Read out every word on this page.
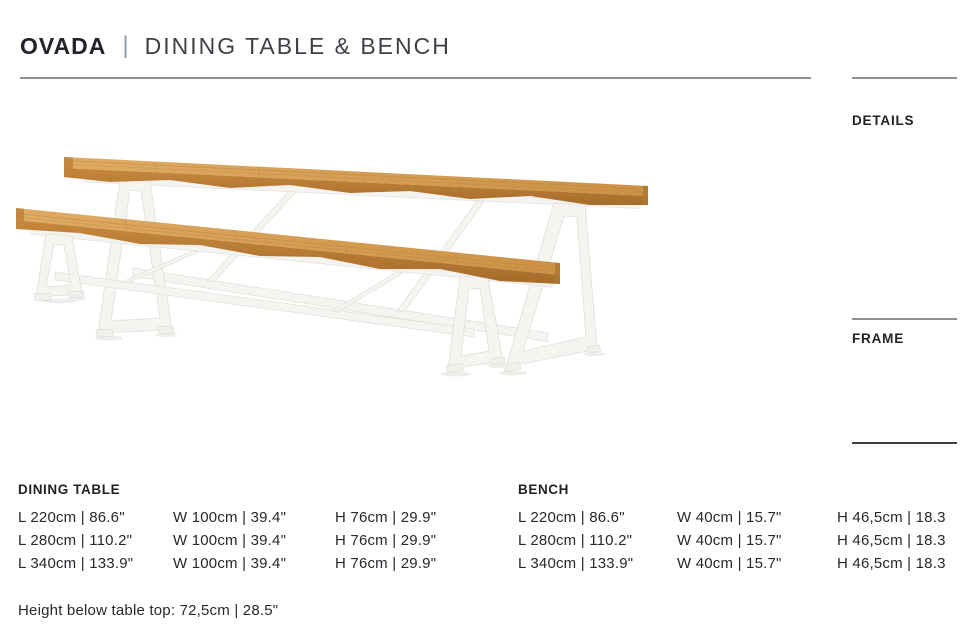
OVADA | DINING TABLE & BENCH
DETAILS
FRAME
DINING TABLE
L 220cm | 86.6"	W 100cm | 39.4"	H 76cm | 29.9"
L 280cm | 110.2"	W 100cm | 39.4"	H 76cm | 29.9"
L 340cm | 133.9"	W 100cm | 39.4"	H 76cm | 29.9"
BENCH
L 220cm | 86.6"	W 40cm | 15.7"	H 46,5cm | 18.3
L 280cm | 110.2"	W 40cm | 15.7"	H 46,5cm | 18.3
L 340cm | 133.9"	W 40cm | 15.7"	H 46,5cm | 18.3
Height below table top: 72,5cm | 28.5"
